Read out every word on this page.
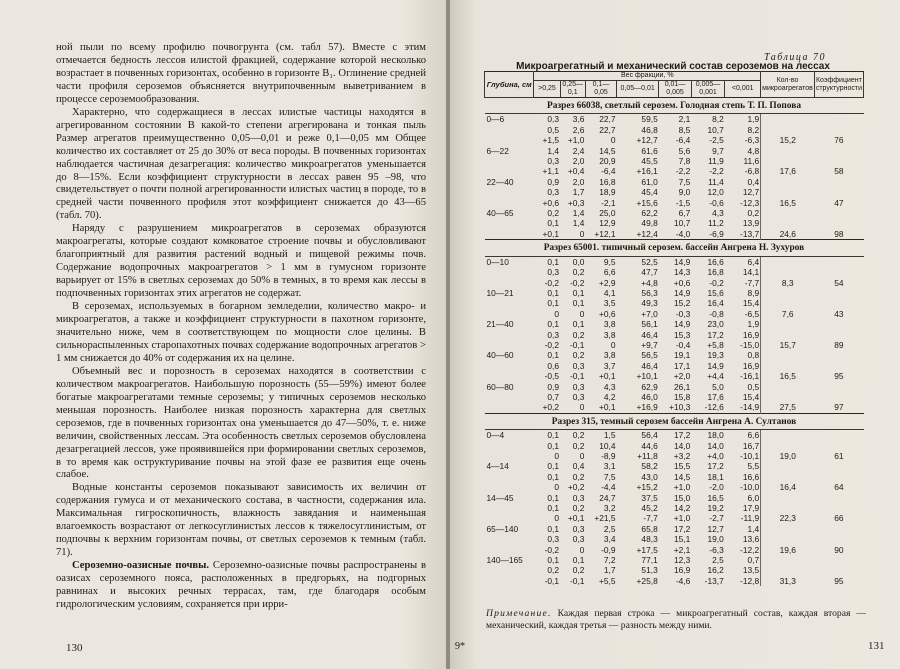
ной пыли по всему профилю почвогрунта (см. табл 57). Вместе с этим отмечается бедность лессов илистой фракцией, содержание которой несколько возрастает в почвенных горизонтах, особенно в горизонте B₁. Оглинение средней части профиля сероземов объясняется внутрипочвенным выветриванием в процессе сероземообразования.

Характерно, что содержащиеся в лессах илистые частицы находятся в агрегированном состоянии В какой-то степени агрегирована и тонкая пыль Размер агрегатов преимущественно 0,05—0,01 и реже 0,1—0,05 мм Общее количество их составляет от 25 до 30% от веса породы. В почвенных горизонтах наблюдается частичная дезагрегация: количество микроагрегатов уменьшается до 8—15%. Если коэффициент структурности в лессах равен 95 –98, что свидетельствует о почти полной агрегированности илистых частиц в породе, то в средней части почвенного профиля этот коэффициент снижается до 43—65 (табл. 70).

Наряду с разрушением микроагрегатов в сероземах образуются макроагрегаты, которые создают комковатое строение почвы и обусловливают благоприятный для развития растений водный и пищевой режимы почв. Содержание водопрочных макроагрегатов > 1 мм в гумусном горизонте варьирует от 15% в светлых сероземах до 50% в темных, в то время как лессы в подпочвенных горизонтах этих агрегатов не содержат.

В сероземах, используемых в богарном земледелии, количество макро- и микроагрегатов, а также и коэффициент структурности в пахотном горизонте, значительно ниже, чем в соответствующем по мощности слое целины. В сильнораспыленных старопахотных почвах содержание водопрочных агрегатов > 1 мм снижается до 40% от содержания их на целине.

Объемный вес и порозность в сероземах находятся в соответствии с количеством макроагрегатов. Наибольшую порозность (55—59%) имеют более богатые макроагрегатами темные сероземы; у типичных сероземов несколько меньшая порозность. Наиболее низкая порозность характерна для светлых сероземов, где в почвенных горизонтах она уменьшается до 47—50%, т. е. ниже величин, свойственных лессам. Эта особенность светлых сероземов обусловлена дезагрегацией лессов, уже проявившейся при формировании светлых сероземов, в то время как оструктуривание почвы на этой фазе ее развития еще очень слабое.

Водные константы сероземов показывают зависимость их величин от содержания гумуса и от механического состава, в частности, содержания ила. Максимальная гигроскопичность, влажность завядания и наименьшая влагоемкость возрастают от легкосуглинистых лессов к тяжелосуглинистым, от подпочвы к верхним горизонтам почвы, от светлых сероземов к темным (табл. 71).

Сероземно-оазисные почвы. Сероземно-оазисные почвы распространены в оазисах сероземного пояса, расположенных в предгорьях, на подгорных равнинах и высоких речных террасах, там, где благодаря особым гидрологическим условиям, сохраняется при ирри-

130
Таблица 70
Микроагрегатный и механический состав сероземов на лессах
Глубина, см	Вес фракции, %							Кол-во микроагрегатов	Коэффициент структурности
	>0,25	0,25—0,1	0,1—0,05	0,05—0,01	0,01—0,005	0,005—0,001	<0,001		
Разрез 66038, светлый серозем. Голодная степь Т. П. Попова									
0—6	0,3	3,6	22,7	59,5	2,1	8,2	1,9		
	0,5	2,6	22,7	46,8	8,5	10,7	8,2		
	+1,5	+1,0	0	+12,7	-6,4	-2,5	-6,3	15,2	76
6—22	1,4	2,4	14,5	61,6	5,6	9,7	4,8		
	0,3	2,0	20,9	45,5	7,8	11,9	11,6		
	+1,1	+0,4	-6,4	+16,1	-2,2	-2,2	-6,8	17,6	58
22—40	0,9	2,0	16,8	61,0	7,5	11,4	0,4		
	0,3	1,7	18,9	45,4	9,0	12,0	12,7		
	+0,6	+0,3	-2,1	+15,6	-1,5	-0,6	-12,3	16,5	47
40—65	0,2	1,4	25,0	62,2	6,7	4,3	0,2		
	0,1	1,4	12,9	49,8	10,7	11,2	13,9		
	+0,1	0	+12,1	+12,4	-4,0	-6,9	-13,7	24,6	98
Разрез 65001. типичный серозем. бассейн Ангрена Н. Зухуров									
0—10	0,1	0,0	9,5	52,5	14,9	16,6	6,4		
	0,3	0,2	6,6	47,7	14,3	16,8	14,1		
	-0,2	-0,2	+2,9	+4,8	+0,6	-0,2	-7,7	8,3	54
10—21	0,1	0,1	4,1	56,3	14,9	15,6	8,9		
	0,1	0,1	3,5	49,3	15,2	16,4	15,4		
	0	0	+0,6	+7,0	-0,3	-0,8	-6,5	7,6	43
21—40	0,1	0,1	3,8	56,1	14,9	23,0	1,9		
	0,3	0,2	3,8	46,4	15,3	17,2	16,9		
	-0,2	-0,1	0	+9,7	-0,4	+5,8	-15,0	15,7	89
40—60	0,1	0,2	3,8	56,5	19,1	19,3	0,8		
	0,6	0,3	3,7	46,4	17,1	14,9	16,9		
	-0,5	-0,1	+0,1	+10,1	+2,0	+4,4	-16,1	16,5	95
60—80	0,9	0,3	4,3	62,9	26,1	5,0	0,5		
	0,7	0,3	4,2	46,0	15,8	17,6	15,4		
	+0,2	0	+0,1	+16,9	+10,3	-12,6	-14,9	27,5	97
Разрез 315, темный серозем бассейн Ангрена А. Султанов									
0—4	0,1	0,2	1,5	56,4	17,2	18,0	6,6		
	0,1	0,2	10,4	44,6	14,0	14,0	16,7		
	0	0	-8,9	+11,8	+3,2	+4,0	-10,1	19,0	61
4—14	0,1	0,4	3,1	58,2	15,5	17,2	5,5		
	0,1	0,2	7,5	43,0	14,5	18,1	16,6		
	0	+0,2	-4,4	+15,2	+1,0	-2,0	-10,0	16,4	64
14—45	0,1	0,3	24,7	37,5	15,0	16,5	6,0		
	0,1	0,2	3,2	45,2	14,2	19,2	17,9		
	0	+0,1	+21,5	-7,7	+1,0	-2,7	-11,9	22,3	66
65—140	0,1	0,3	2,5	65,8	17,2	12,7	1,4		
	0,3	0,3	3,4	48,3	15,1	19,0	13,6		
	-0,2	0	-0,9	+17,5	+2,1	-6,3	-12,2	19,6	90
140—165	0,1	0,1	7,2	77,1	12,3	2,5	0,7		
	0,2	0,2	1,7	51,3	16,9	16,2	13,5		
	-0,1	-0,1	+5,5	+25,8	-4,6	-13,7	-12,8	31,3	95
Примечание. Каждая первая строка — микроагрегатный состав, каждая вторая — механический, каждая третья — разность между ними.
9*	131
